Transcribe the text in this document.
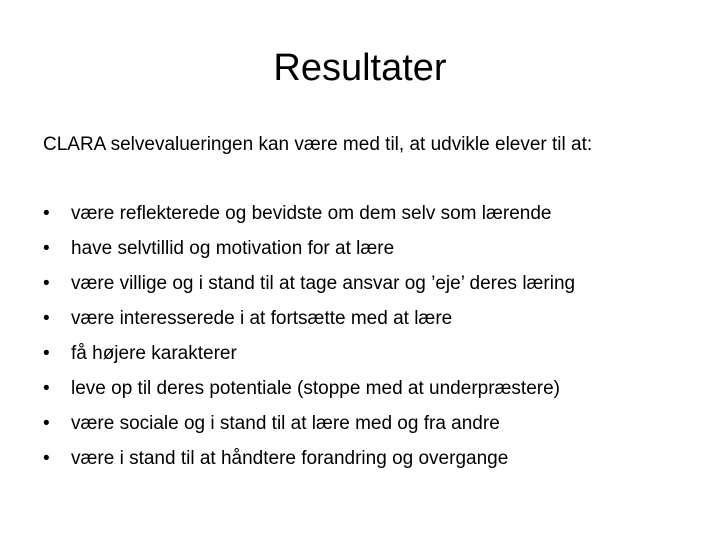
Resultater

CLARA selvevalueringen kan være med til, at udvikle elever til at:

•	være reflekterede og bevidste om dem selv som lærende
•	have selvtillid og motivation for at lære
•	være villige og i stand til at tage ansvar og ’eje’ deres læring
•	være interesserede i at fortsætte med at lære
•	få højere karakterer
•	leve op til deres potentiale (stoppe med at underpræstere)
•	være sociale og i stand til at lære med og fra andre
•	være i stand til at håndtere forandring og overgange
